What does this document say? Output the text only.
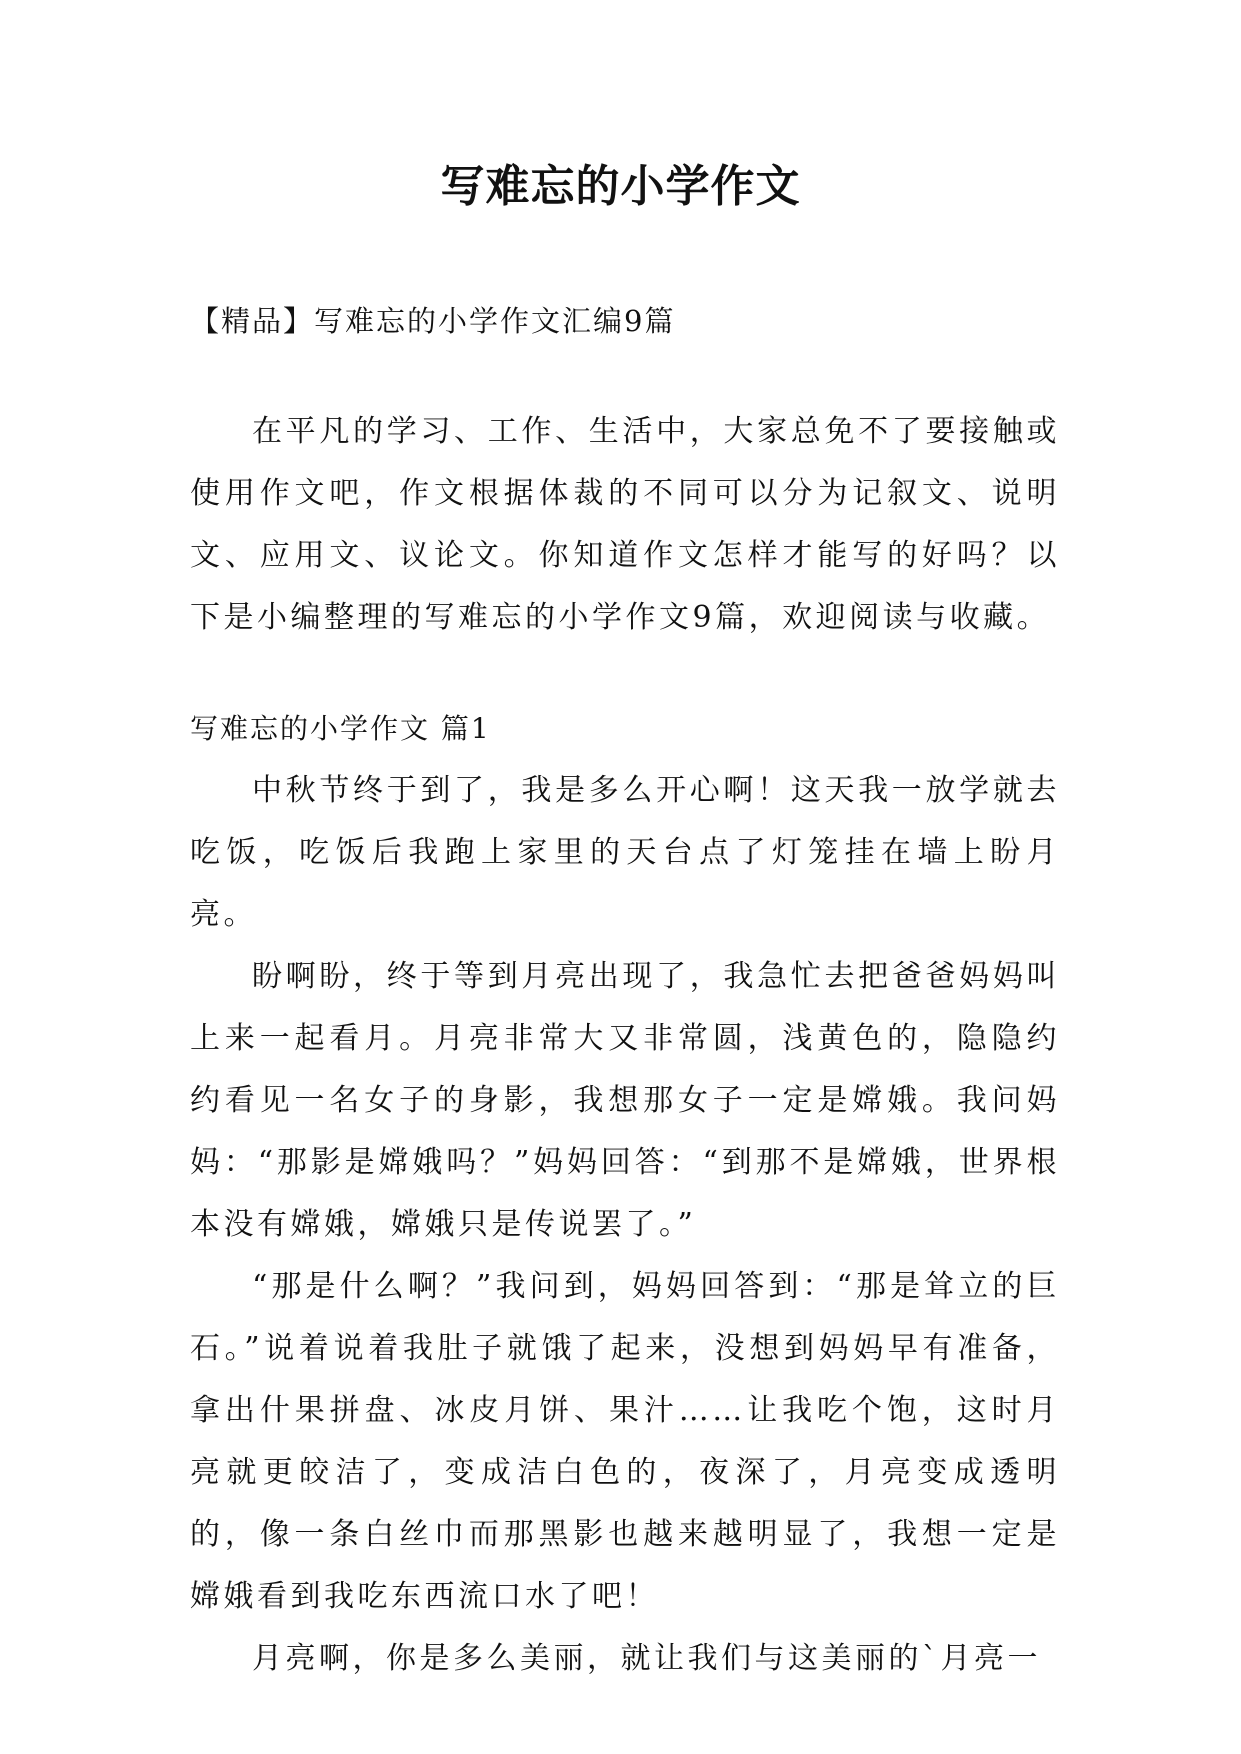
写难忘的小学作文

【精品】写难忘的小学作文汇编9篇

在平凡的学习、工作、生活中，大家总免不了要接触或使用作文吧，作文根据体裁的不同可以分为记叙文、说明文、应用文、议论文。你知道作文怎样才能写的好吗？以下是小编整理的写难忘的小学作文9篇，欢迎阅读与收藏。

写难忘的小学作文 篇1

中秋节终于到了，我是多么开心啊！这天我一放学就去吃饭，吃饭后我跑上家里的天台点了灯笼挂在墙上盼月亮。

盼啊盼，终于等到月亮出现了，我急忙去把爸爸妈妈叫上来一起看月。月亮非常大又非常圆，浅黄色的，隐隐约约看见一名女子的身影，我想那女子一定是嫦娥。我问妈妈：“那影是嫦娥吗？”妈妈回答：“到那不是嫦娥，世界根本没有嫦娥，嫦娥只是传说罢了。”

“那是什么啊？”我问到，妈妈回答到：“那是耸立的巨石。”说着说着我肚子就饿了起来，没想到妈妈早有准备，拿出什果拼盘、冰皮月饼、果汁……让我吃个饱，这时月亮就更皎洁了，变成洁白色的，夜深了，月亮变成透明的，像一条白丝巾而那黑影也越来越明显了，我想一定是嫦娥看到我吃东西流口水了吧！

月亮啊，你是多么美丽，就让我们与这美丽的`月亮一
